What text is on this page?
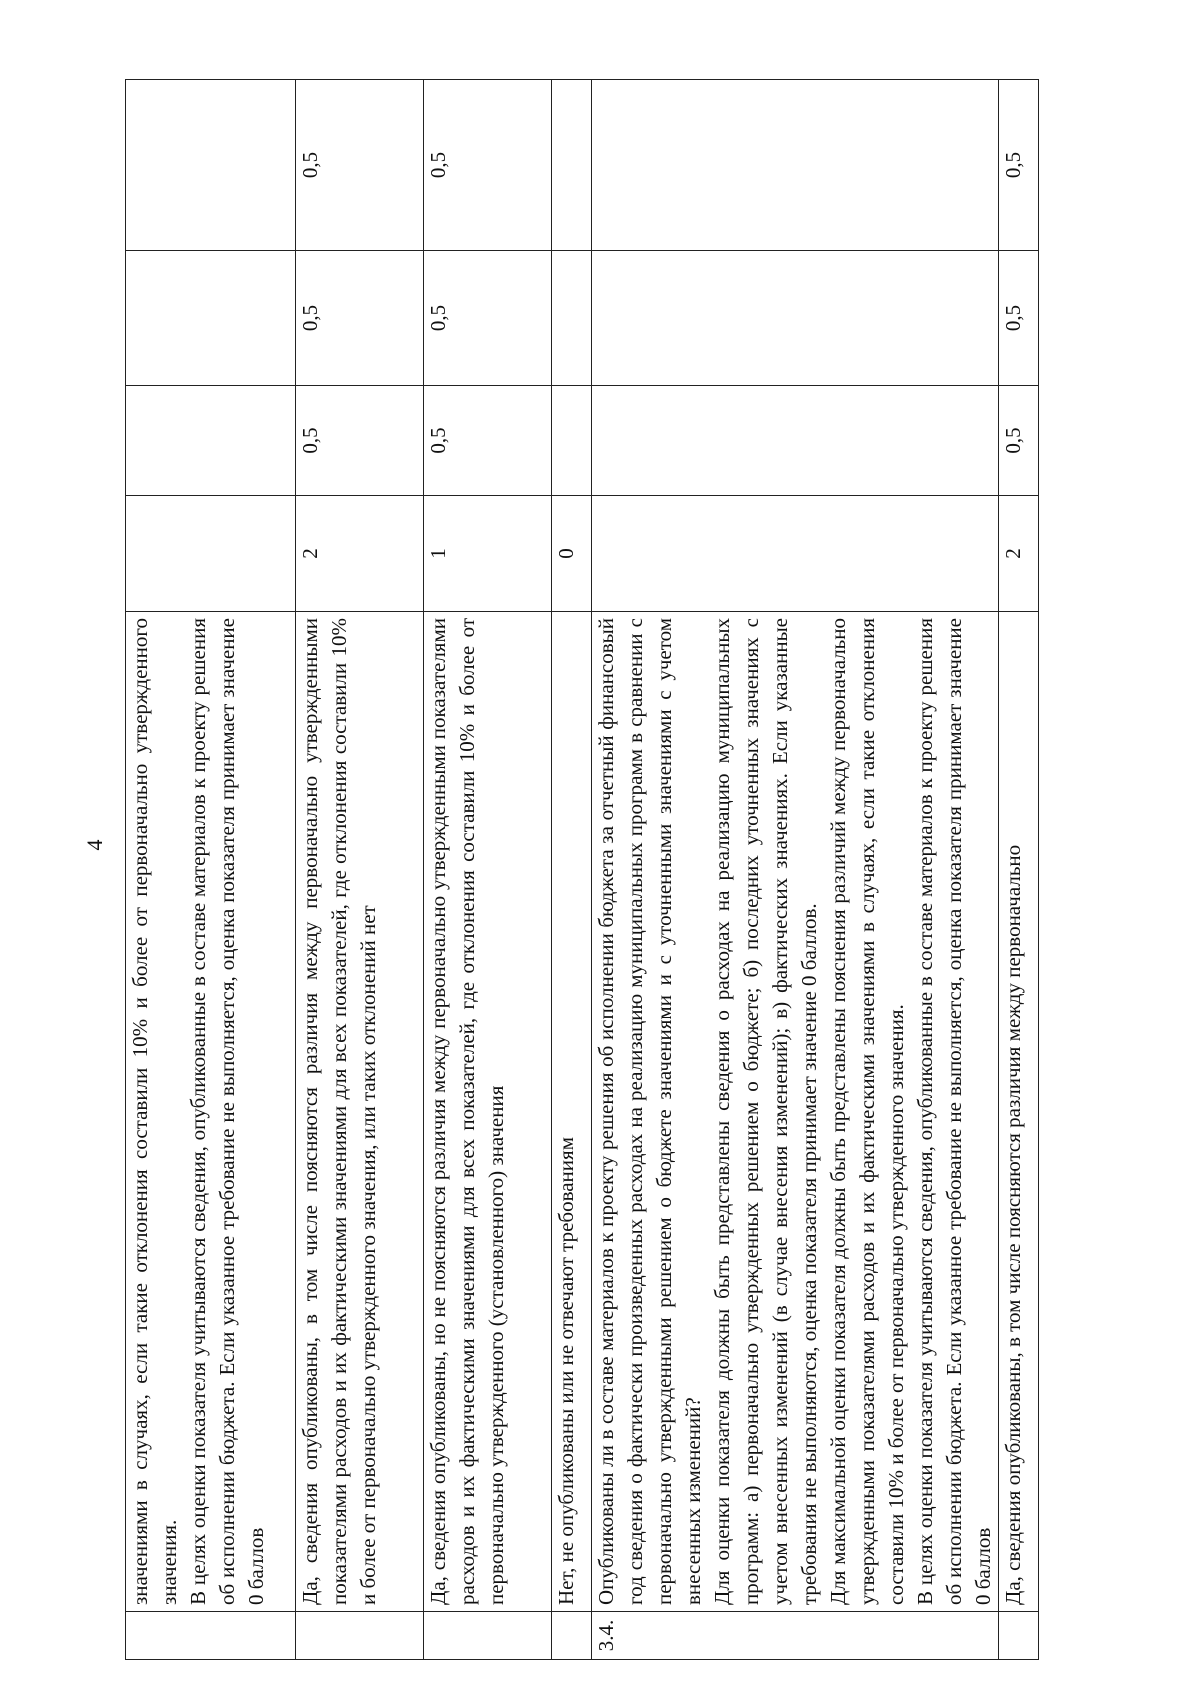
4

	значениями в случаях, если такие отклонения составили 10% и более от первоначально утвержденного значения. В целях оценки показателя учитываются сведения, опубликованные в составе материалов к проекту решения об исполнении бюджета. Если указанное требование не выполняется, оценка показателя принимает значение 0 баллов				

	Да, сведения опубликованы, в том числе поясняются различия между первоначально утвержденными показателями расходов и их фактическими значениями для всех показателей, где отклонения составили 10% и более от первоначально утвержденного значения, или таких отклонений нет	2	0,5	0,5	0,5

	Да, сведения опубликованы, но не поясняются различия между первоначально утвержденными показателями расходов и их фактическими значениями для всех показателей, где отклонения составили 10% и более от первоначально утвержденного (установленного) значения	1	0,5	0,5	0,5

	Нет, не опубликованы или не отвечают требованиям	0			
3.4.	Опубликованы ли в составе материалов к проекту решения об исполнении бюджета за отчетный финансовый год сведения о фактически произведенных расходах на реализацию муниципальных программ в сравнении с первоначально утвержденными решением о бюджете значениями и с уточненными значениями с учетом внесенных изменений? Для оценки показателя должны быть представлены сведения о расходах на реализацию муниципальных программ: а) первоначально утвержденных решением о бюджете; б) последних уточненных значениях с учетом внесенных изменений (в случае внесения изменений); в) фактических значениях. Если указанные требования не выполняются, оценка показателя принимает значение 0 баллов. Для максимальной оценки показателя должны быть представлены пояснения различий между первоначально утвержденными показателями расходов и их фактическими значениями в случаях, если такие отклонения составили 10% и более от первоначально утвержденного значения. В целях оценки показателя учитываются сведения, опубликованные в составе материалов к проекту решения об исполнении бюджета. Если указанное требование не выполняется, оценка показателя принимает значение 0 баллов				

	Да, сведения опубликованы, в том числе поясняются различия между первоначально	2	0,5	0,5	0,5
